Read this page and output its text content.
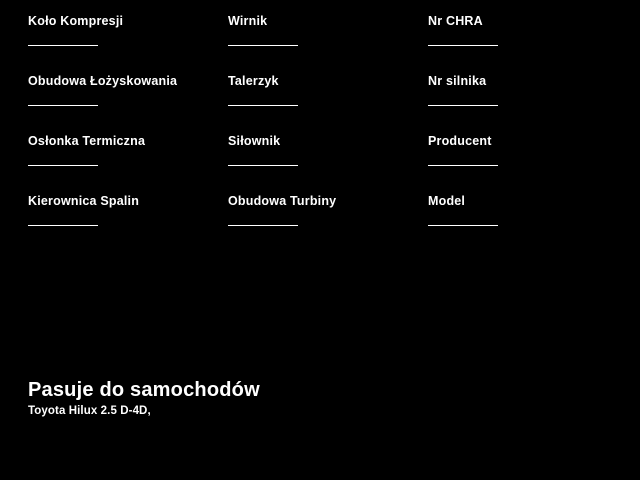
Koło Kompresji	Wirnik	Nr CHRA
Obudowa Łożyskowania	Talerzyk	Nr silnika
Osłonka Termiczna	Siłownik	Producent
Kierownica Spalin	Obudowa Turbiny	Model
Pasuje do samochodów
Toyota Hilux 2.5 D-4D,
